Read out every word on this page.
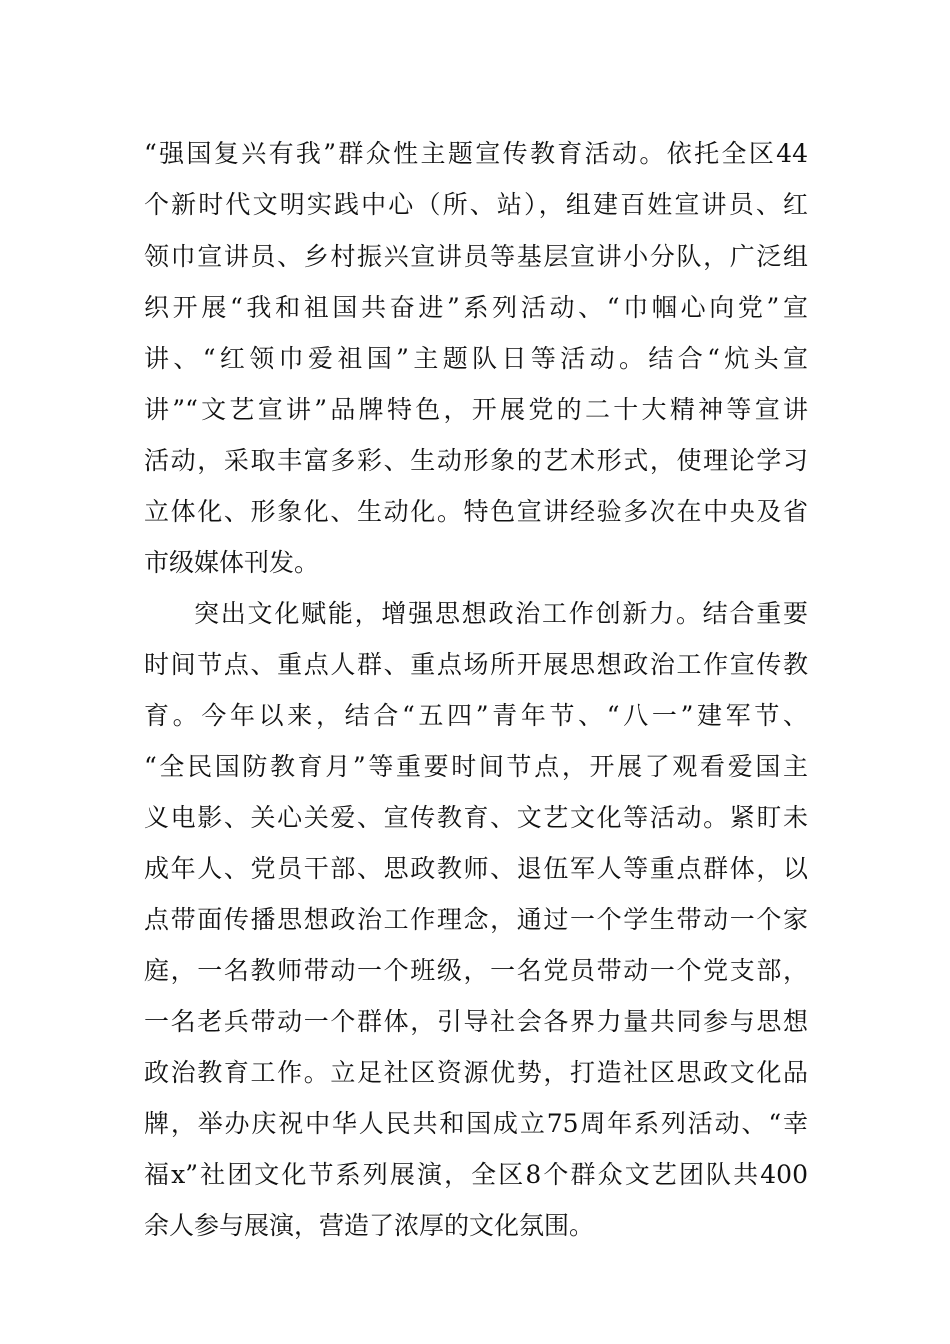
“强国复兴有我”群众性主题宣传教育活动。依托全区44
个新时代文明实践中心（所、站），组建百姓宣讲员、红
领巾宣讲员、乡村振兴宣讲员等基层宣讲小分队，广泛组
织开展“我和祖国共奋进”系列活动、“巾帼心向党”宣
讲、“红领巾爱祖国”主题队日等活动。结合“炕头宣
讲”“文艺宣讲”品牌特色，开展党的二十大精神等宣讲
活动，采取丰富多彩、生动形象的艺术形式，使理论学习
立体化、形象化、生动化。特色宣讲经验多次在中央及省
市级媒体刊发。
突出文化赋能，增强思想政治工作创新力。结合重要
时间节点、重点人群、重点场所开展思想政治工作宣传教
育。今年以来，结合“五四”青年节、“八一”建军节、
“全民国防教育月”等重要时间节点，开展了观看爱国主
义电影、关心关爱、宣传教育、文艺文化等活动。紧盯未
成年人、党员干部、思政教师、退伍军人等重点群体，以
点带面传播思想政治工作理念，通过一个学生带动一个家
庭，一名教师带动一个班级，一名党员带动一个党支部，
一名老兵带动一个群体，引导社会各界力量共同参与思想
政治教育工作。立足社区资源优势，打造社区思政文化品
牌，举办庆祝中华人民共和国成立75周年系列活动、“幸
福x”社团文化节系列展演，全区8个群众文艺团队共400
余人参与展演，营造了浓厚的文化氛围。
